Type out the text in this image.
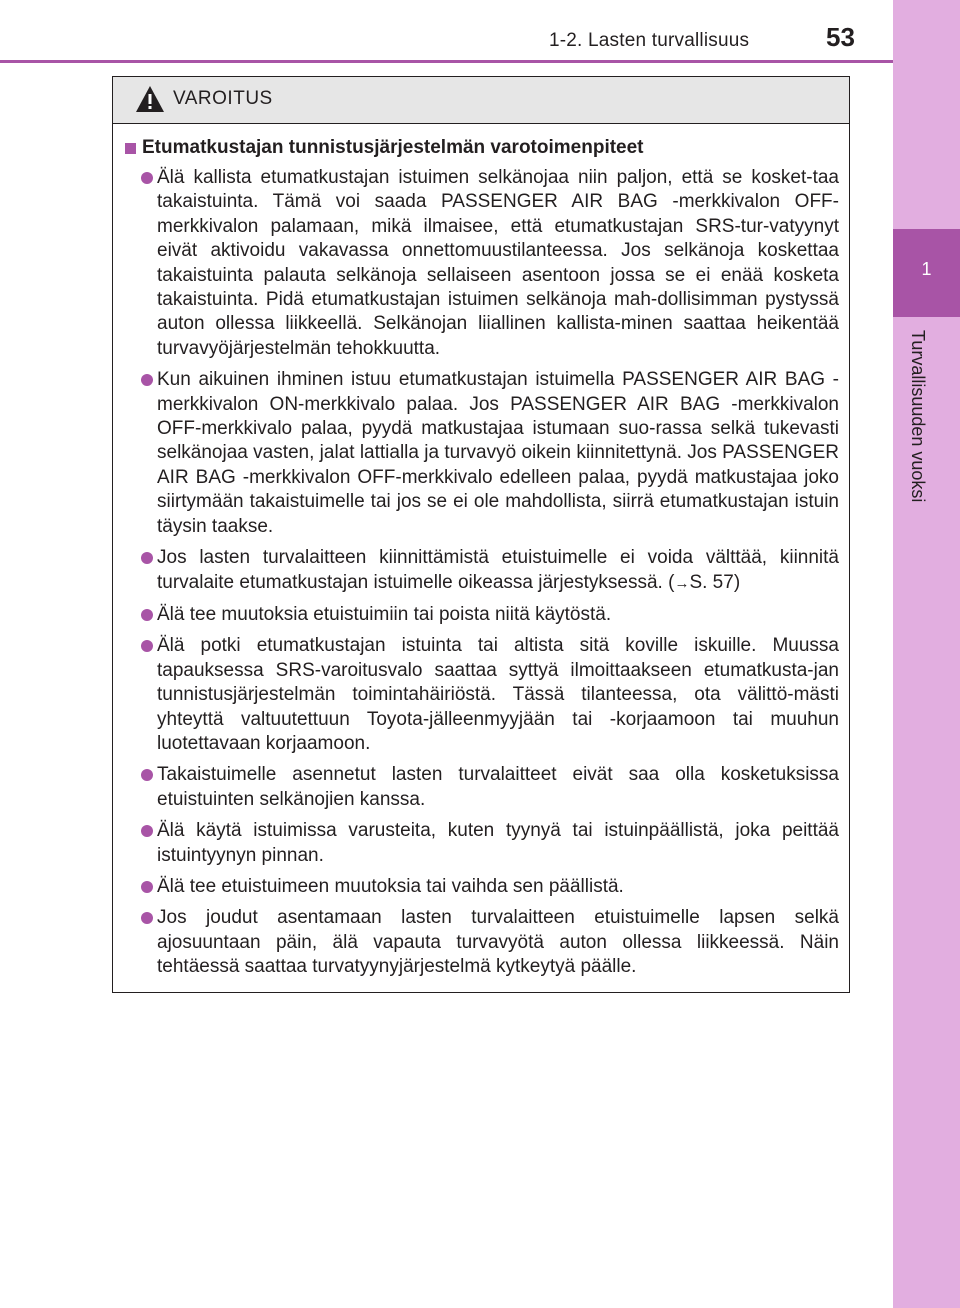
1-2. Lasten turvallisuus	53
1
Turvallisuuden vuoksi
VAROITUS
Etumatkustajan tunnistusjärjestelmän varotoimenpiteet
Älä kallista etumatkustajan istuimen selkänojaa niin paljon, että se kosket-taa takaistuinta. Tämä voi saada PASSENGER AIR BAG -merkkivalon OFF-merkkivalon palamaan, mikä ilmaisee, että etumatkustajan SRS-tur-vatyynyt eivät aktivoidu vakavassa onnettomuustilanteessa. Jos selkänoja koskettaa takaistuinta palauta selkänoja sellaiseen asentoon jossa se ei enää kosketa takaistuinta. Pidä etumatkustajan istuimen selkänoja mah-dollisimman pystyssä auton ollessa liikkeellä. Selkänojan liiallinen kallista-minen saattaa heikentää turvavyöjärjestelmän tehokkuutta.
Kun aikuinen ihminen istuu etumatkustajan istuimella PASSENGER AIR BAG -merkkivalon ON-merkkivalo palaa. Jos PASSENGER AIR BAG -merkkivalon OFF-merkkivalo palaa, pyydä matkustajaa istumaan suo-rassa selkä tukevasti selkänojaa vasten, jalat lattialla ja turvavyö oikein kiinnitettynä. Jos PASSENGER AIR BAG -merkkivalon OFF-merkkivalo edelleen palaa, pyydä matkustajaa joko siirtymään takaistuimelle tai jos se ei ole mahdollista, siirrä etumatkustajan istuin täysin taakse.
Jos lasten turvalaitteen kiinnittämistä etuistuimelle ei voida välttää, kiinnitä turvalaite etumatkustajan istuimelle oikeassa järjestyksessä. (→S. 57)
Älä tee muutoksia etuistuimiin tai poista niitä käytöstä.
Älä potki etumatkustajan istuinta tai altista sitä koville iskuille. Muussa tapauksessa SRS-varoitusvalo saattaa syttyä ilmoittaakseen etumatkusta-jan tunnistusjärjestelmän toimintahäiriöstä. Tässä tilanteessa, ota välittö-mästi yhteyttä valtuutettuun Toyota-jälleenmyyjään tai -korjaamoon tai muuhun luotettavaan korjaamoon.
Takaistuimelle asennetut lasten turvalaitteet eivät saa olla kosketuksissa etuistuinten selkänojien kanssa.
Älä käytä istuimissa varusteita, kuten tyynyä tai istuinpäällistä, joka peittää istuintyynyn pinnan.
Älä tee etuistuimeen muutoksia tai vaihda sen päällistä.
Jos joudut asentamaan lasten turvalaitteen etuistuimelle lapsen selkä ajosuuntaan päin, älä vapauta turvavyötä auton ollessa liikkeessä. Näin tehtäessä saattaa turvatyynyjärjestelmä kytkeytyä päälle.
